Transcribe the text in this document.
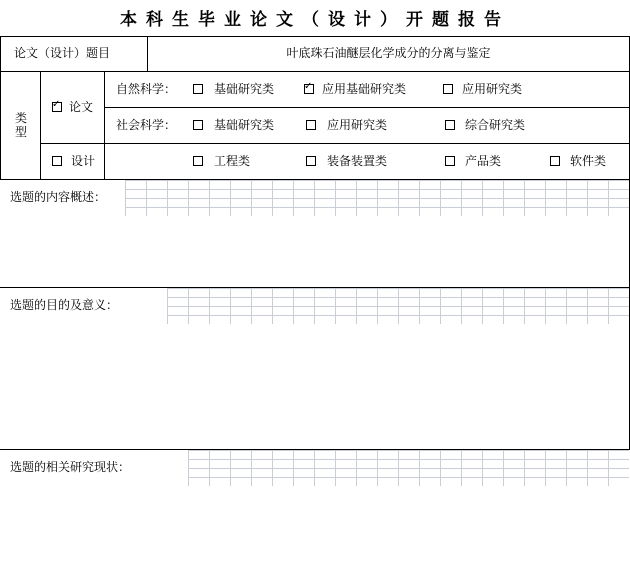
本科生毕业论文（设计）开题报告
论文（设计）题目	叶底珠石油醚层化学成分的分离与鉴定
类
型
✓论文
设计
自然科学：	基础研究类
✓	应用基础研究类	应用研究类
社会科学：	基础研究类	应用研究类	综合研究类
工程类	装备装置类	产品类	软件类
选题的内容概述：
选题的目的及意义：
选题的相关研究现状：
